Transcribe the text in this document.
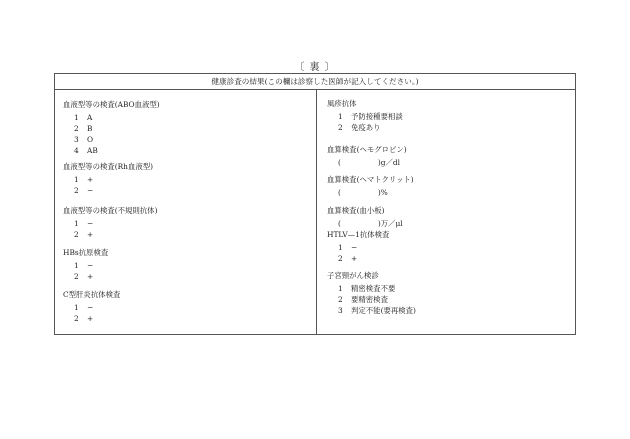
〔 裏 〕
健康診査の結果(この欄は診察した医師が記入してください。)
血液型等の検査(ABO血液型)
1 A
2 B
3 O
4 AB
血液型等の検査(Rh血液型)
1 +
2 −
血液型等の検査(不規則抗体)
1 −
2 +
HBs抗原検査
1 −
2 +
C型肝炎抗体検査
1 −
2 +
風疹抗体
1 予防接種要相談
2 免疫あり
血算検査(ヘモグロビン)
(　　　　　)g／dl
血算検査(ヘマトクリット)
(　　　　　)%
血算検査(血小板)
(　　　　　)万／μl
HTLV—1抗体検査
1 −
2 +
子宮頸がん検診
1 精密検査不要
2 要精密検査
3 判定不能(要再検査)
